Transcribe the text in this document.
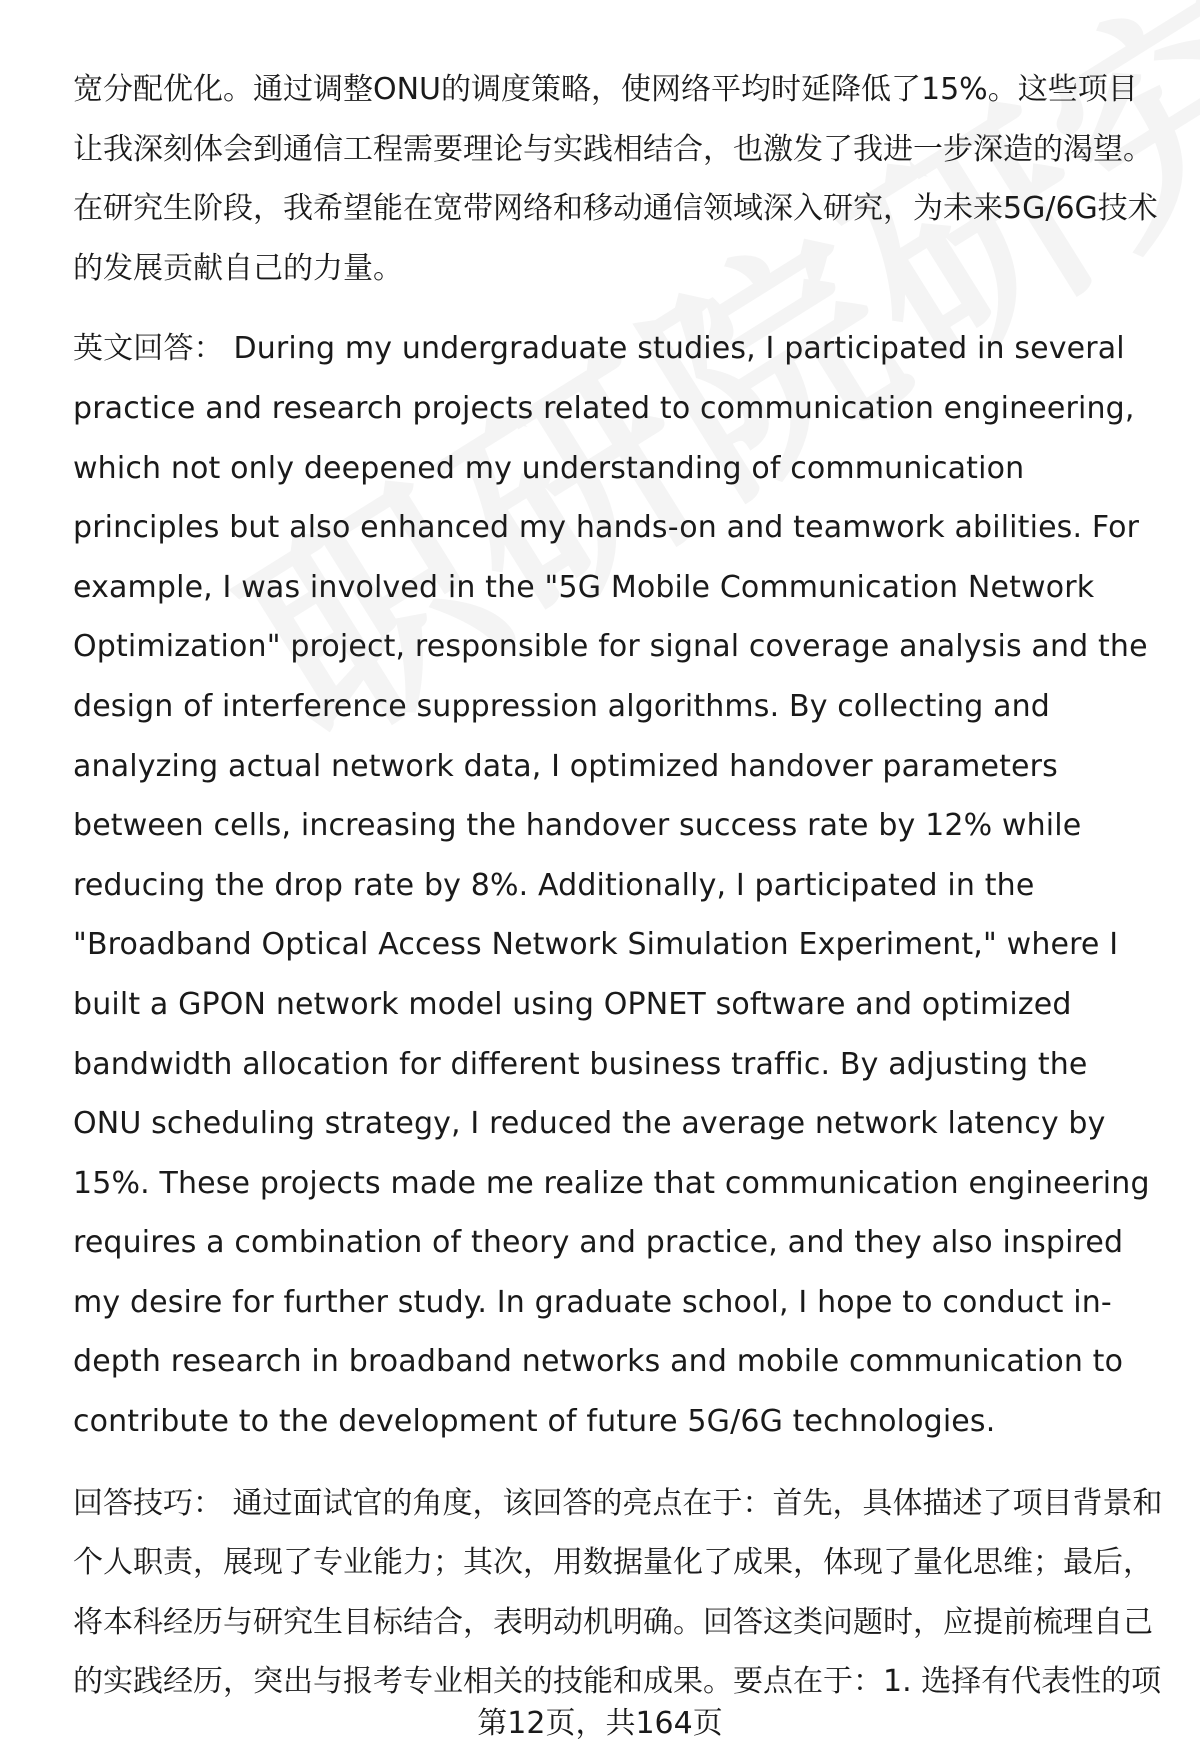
宽分配优化。通过调整ONU的调度策略，使网络平均时延降低了15%。这些项目让我深刻体会到通信工程需要理论与实践相结合，也激发了我进一步深造的渴望。在研究生阶段，我希望能在宽带网络和移动通信领域深入研究，为未来5G/6G技术的发展贡献自己的力量。

英文回答： During my undergraduate studies, I participated in several practice and research projects related to communication engineering, which not only deepened my understanding of communication principles but also enhanced my hands-on and teamwork abilities. For example, I was involved in the "5G Mobile Communication Network Optimization" project, responsible for signal coverage analysis and the design of interference suppression algorithms. By collecting and analyzing actual network data, I optimized handover parameters between cells, increasing the handover success rate by 12% while reducing the drop rate by 8%. Additionally, I participated in the "Broadband Optical Access Network Simulation Experiment," where I built a GPON network model using OPNET software and optimized bandwidth allocation for different business traffic. By adjusting the ONU scheduling strategy, I reduced the average network latency by 15%. These projects made me realize that communication engineering requires a combination of theory and practice, and they also inspired my desire for further study. In graduate school, I hope to conduct in-depth research in broadband networks and mobile communication to contribute to the development of future 5G/6G technologies.

回答技巧： 通过面试官的角度，该回答的亮点在于：首先，具体描述了项目背景和个人职责，展现了专业能力；其次，用数据量化了成果，体现了量化思维；最后，将本科经历与研究生目标结合，表明动机明确。回答这类问题时，应提前梳理自己的实践经历，突出与报考专业相关的技能和成果。要点在于：1. 选择有代表性的项

第12页，共164页
